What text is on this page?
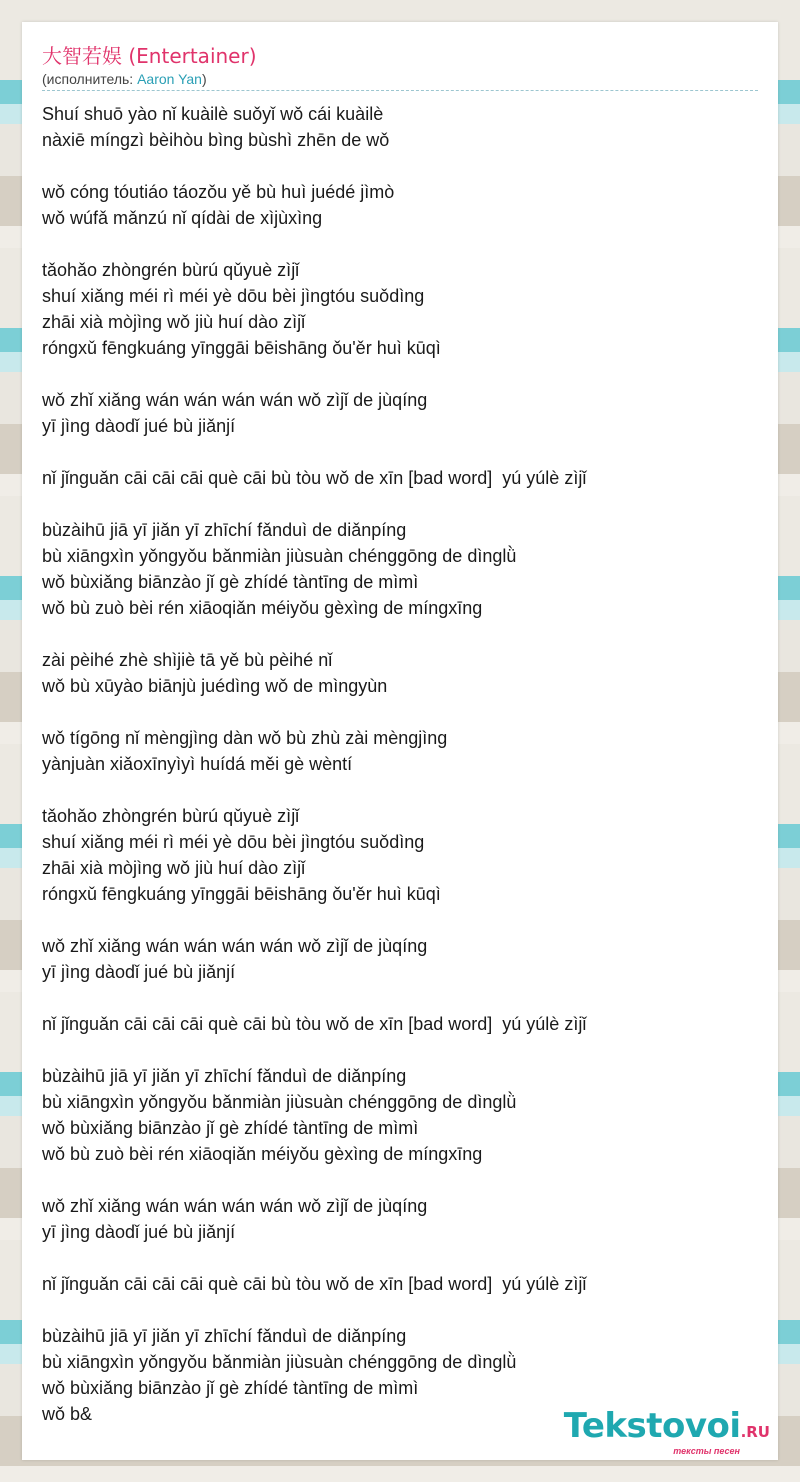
大智若娱 (Entertainer)
(исполнитель: Aaron Yan)
Shuí shuō yào nǐ kuàilè suǒyǐ wǒ cái kuàilè
nàxiē míngzì bèihòu bìng bùshì zhēn de wǒ
wǒ cóng tóutiáo táozǒu yě bù huì juédé jìmò
wǒ wúfǎ mǎnzú nǐ qídài de xìjùxìng
tǎohǎo zhòngrén bùrú qǔyuè zìjǐ
shuí xiǎng méi rì méi yè dōu bèi jìngtóu suǒdìng
zhāi xià mòjìng wǒ jiù huí dào zìjǐ
róngxǔ fēngkuáng yīnggāi bēishāng ǒu'ěr huì kūqì
wǒ zhǐ xiǎng wán wán wán wán wǒ zìjǐ de jùqíng
yī jìng dàodǐ jué bù jiǎnjí
nǐ jǐnguǎn cāi cāi cāi què cāi bù tòu wǒ de xīn [bad word]  yú yúlè zìjǐ
bùzàihū jiā yī jiǎn yī zhīchí fǎnduì de diǎnpíng
bù xiāngxìn yǒngyǒu bǎnmiàn jiùsuàn chénggōng de dìnglǜ
wǒ bùxiǎng biānzào jǐ gè zhídé tàntīng de mìmì
wǒ bù zuò bèi rén xiāoqiǎn méiyǒu gèxìng de míngxīng
zài pèihé zhè shìjiè tā yě bù pèihé nǐ
wǒ bù xūyào biānjù juédìng wǒ de mìngyùn
wǒ tígōng nǐ mèngjìng dàn wǒ bù zhù zài mèngjìng
yànjuàn xiǎoxīnyìyì huídá měi gè wèntí
tǎohǎo zhòngrén bùrú qǔyuè zìjǐ
shuí xiǎng méi rì méi yè dōu bèi jìngtóu suǒdìng
zhāi xià mòjìng wǒ jiù huí dào zìjǐ
róngxǔ fēngkuáng yīnggāi bēishāng ǒu'ěr huì kūqì
wǒ zhǐ xiǎng wán wán wán wán wǒ zìjǐ de jùqíng
yī jìng dàodǐ jué bù jiǎnjí
nǐ jǐnguǎn cāi cāi cāi què cāi bù tòu wǒ de xīn [bad word]  yú yúlè zìjǐ
bùzàihū jiā yī jiǎn yī zhīchí fǎnduì de diǎnpíng
bù xiāngxìn yǒngyǒu bǎnmiàn jiùsuàn chénggōng de dìnglǜ
wǒ bùxiǎng biānzào jǐ gè zhídé tàntīng de mìmì
wǒ bù zuò bèi rén xiāoqiǎn méiyǒu gèxìng de míngxīng
wǒ zhǐ xiǎng wán wán wán wán wǒ zìjǐ de jùqíng
yī jìng dàodǐ jué bù jiǎnjí
nǐ jǐnguǎn cāi cāi cāi què cāi bù tòu wǒ de xīn [bad word]  yú yúlè zìjǐ
bùzàihū jiā yī jiǎn yī zhīchí fǎnduì de diǎnpíng
bù xiāngxìn yǒngyǒu bǎnmiàn jiùsuàn chénggōng de dìnglǜ
wǒ bùxiǎng biānzào jǐ gè zhídé tàntīng de mìmì
wǒ b&	Tekstovoi.RU
тексты песен
